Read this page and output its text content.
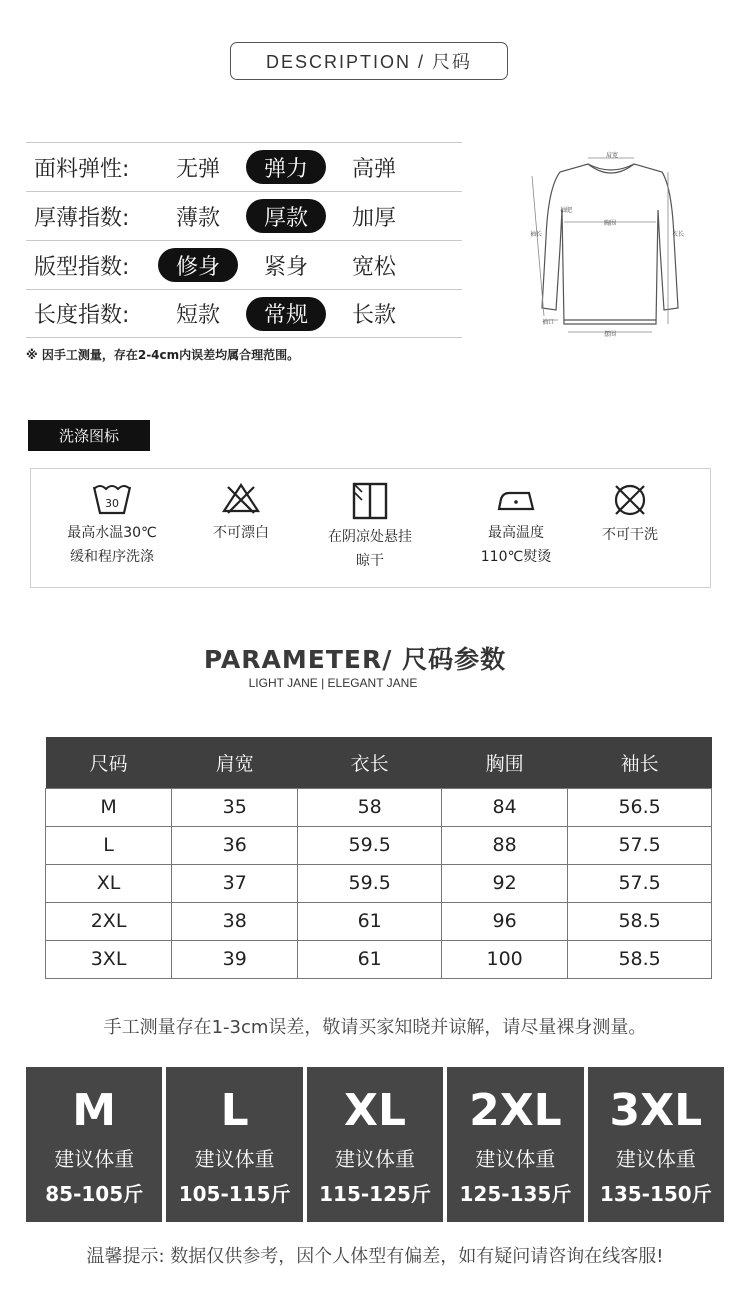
DESCRIPTION / 尺码
面料弹性:	无弹	弹力	高弹
厚薄指数:	薄款	厚款	加厚
版型指数:	修身	紧身	宽松
长度指数:	短款	常规	长款
※ 因手工测量，存在2-4cm内误差均属合理范围。
肩宽
袖肥
胸围
袖长	衣长
袖口
摆围
洗涤图标
30
最高水温30℃
缓和程序洗涤
不可漂白	在阴凉处悬挂
晾干
最高温度
110℃熨烫
不可干洗
PARAMETER/ 尺码参数
LIGHT JANE | ELEGANT JANE
尺码	肩宽	衣长	胸围	袖长
M	35	58	84	56.5
L	36	59.5	88	57.5
XL	37	59.5	92	57.5
2XL	38	61	96	58.5
3XL	39	61	100	58.5
手工测量存在1-3cm误差，敬请买家知晓并谅解，请尽量裸身测量。
M
建议体重
85-105斤
L
建议体重
105-115斤
XL
建议体重
115-125斤
2XL
建议体重
125-135斤
3XL
建议体重
135-150斤
温馨提示: 数据仅供参考，因个人体型有偏差，如有疑问请咨询在线客服!
